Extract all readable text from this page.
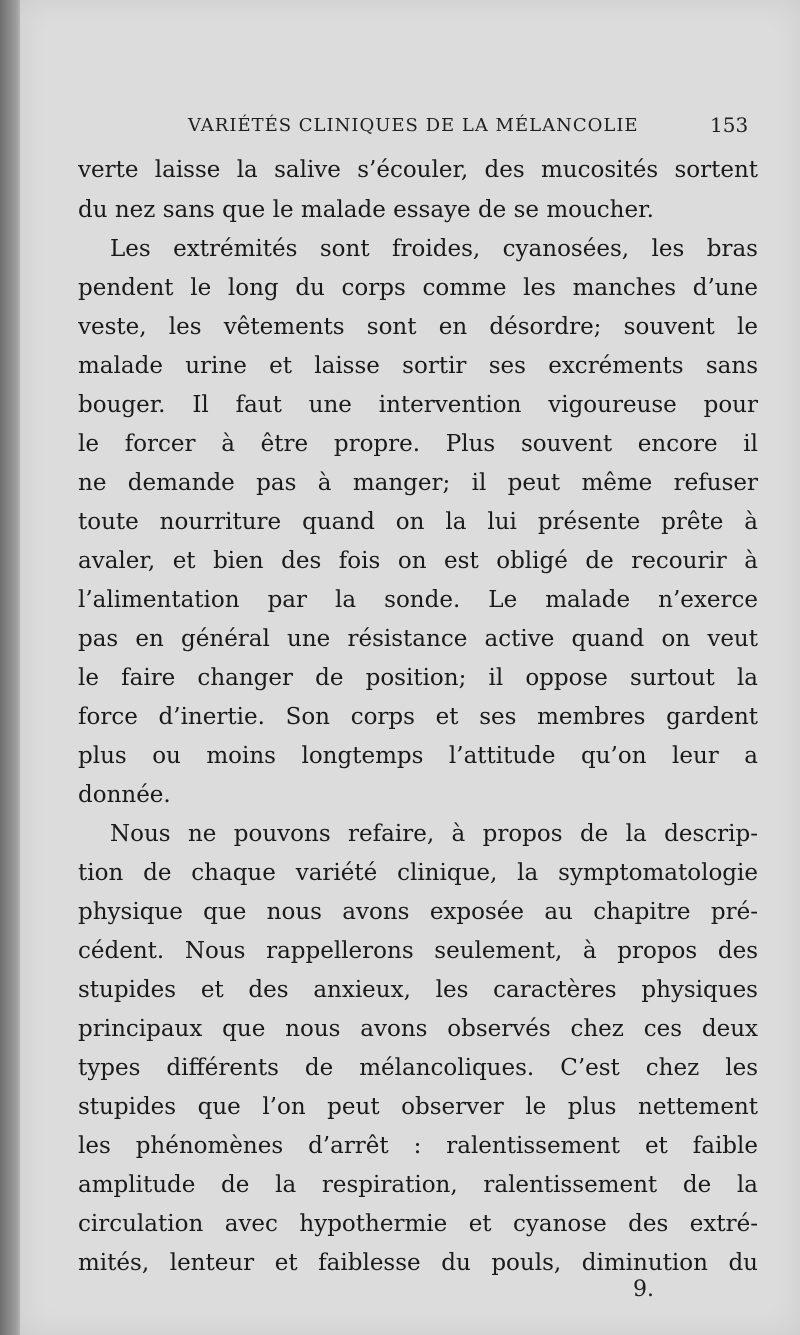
VARIÉTÉS CLINIQUES DE LA MÉLANCOLIE	153
verte laisse la salive s’écouler, des mucosités sortent
du nez sans que le malade essaye de se moucher.
Les extrémités sont froides, cyanosées, les bras
pendent le long du corps comme les manches d’une
veste, les vêtements sont en désordre; souvent le
malade urine et laisse sortir ses excréments sans
bouger. Il faut une intervention vigoureuse pour
le forcer à être propre. Plus souvent encore il
ne demande pas à manger; il peut même refuser
toute nourriture quand on la lui présente prête à
avaler, et bien des fois on est obligé de recourir à
l’alimentation par la sonde. Le malade n’exerce
pas en général une résistance active quand on veut
le faire changer de position; il oppose surtout la
force d’inertie. Son corps et ses membres gardent
plus ou moins longtemps l’attitude qu’on leur a
donnée.
Nous ne pouvons refaire, à propos de la descrip-
tion de chaque variété clinique, la symptomatologie
physique que nous avons exposée au chapitre pré-
cédent. Nous rappellerons seulement, à propos des
stupides et des anxieux, les caractères physiques
principaux que nous avons observés chez ces deux
types différents de mélancoliques. C’est chez les
stupides que l’on peut observer le plus nettement
les phénomènes d’arrêt : ralentissement et faible
amplitude de la respiration, ralentissement de la
circulation avec hypothermie et cyanose des extré-
mités, lenteur et faiblesse du pouls, diminution du
9.
